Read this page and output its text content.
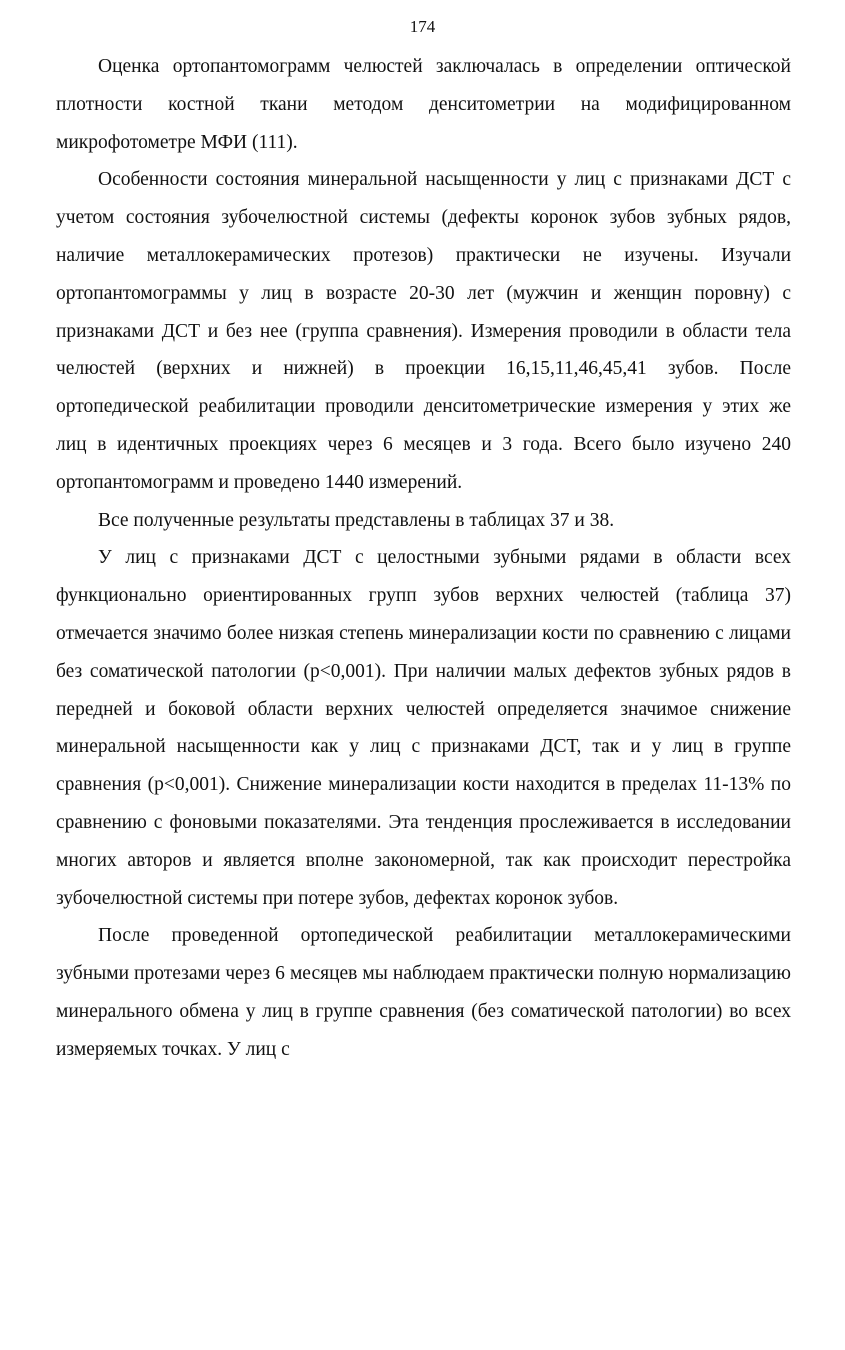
174

Оценка ортопантомограмм челюстей заключалась в определении оптической плотности костной ткани методом денситометрии на модифицированном микрофотометре МФИ (111).

Особенности состояния минеральной насыщенности у лиц с признаками ДСТ с учетом состояния зубочелюстной системы (дефекты коронок зубов зубных рядов, наличие металлокерамических протезов) практически не изучены. Изучали ортопантомограммы у лиц в возрасте 20-30 лет (мужчин и женщин поровну) с признаками ДСТ и без нее (группа сравнения). Измерения проводили в области тела челюстей (верхних и нижней) в проекции 16,15,11,46,45,41 зубов. После ортопедической реабилитации проводили денситометрические измерения у этих же лиц в идентичных проекциях через 6 месяцев и 3 года. Всего было изучено 240 ортопантомограмм и проведено 1440 измерений.

Все полученные результаты представлены в таблицах 37 и 38.

У лиц с признаками ДСТ с целостными зубными рядами в области всех функционально ориентированных групп зубов верхних челюстей (таблица 37) отмечается значимо более низкая степень минерализации кости по сравнению с лицами без соматической патологии (p<0,001). При наличии малых дефектов зубных рядов в передней и боковой области верхних челюстей определяется значимое снижение минеральной насыщенности как у лиц с признаками ДСТ, так и у лиц в группе сравнения (p<0,001). Снижение минерализации кости находится в пределах 11-13% по сравнению с фоновыми показателями. Эта тенденция прослеживается в исследовании многих авторов и является вполне закономерной, так как происходит перестройка зубочелюстной системы при потере зубов, дефектах коронок зубов.

После проведенной ортопедической реабилитации металлокерамическими зубными протезами через 6 месяцев мы наблюдаем практически полную нормализацию минерального обмена у лиц в группе сравнения (без соматической патологии) во всех измеряемых точках. У лиц с
